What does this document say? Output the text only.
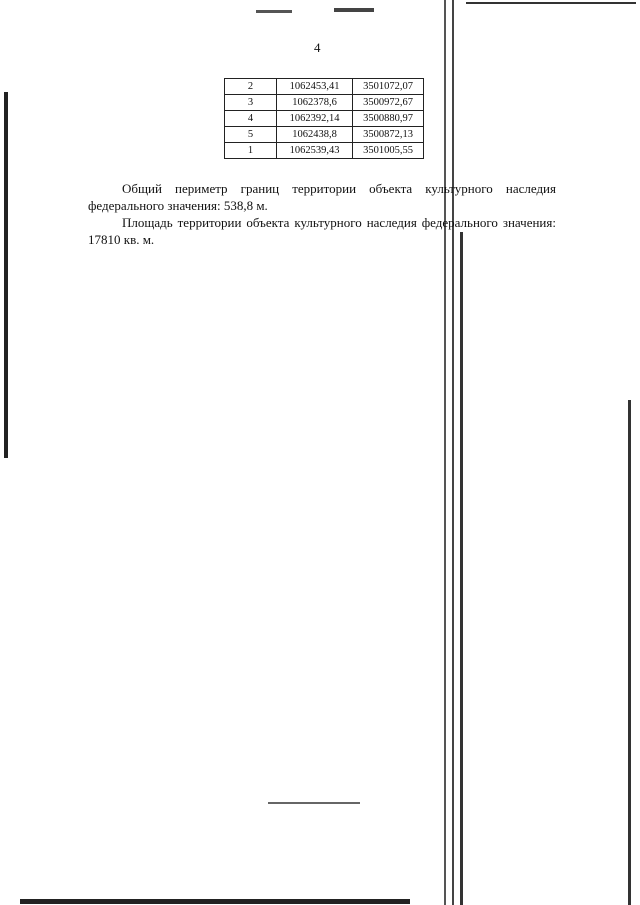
4
2	1062453,41	3501072,07
3	1062378,6	3500972,67
4	1062392,14	3500880,97
5	1062438,8	3500872,13
1	1062539,43	3501005,55

Общий периметр границ территории объекта культурного наследия федерального значения: 538,8 м.

Площадь территории объекта культурного наследия федерального значения: 17810 кв. м.
